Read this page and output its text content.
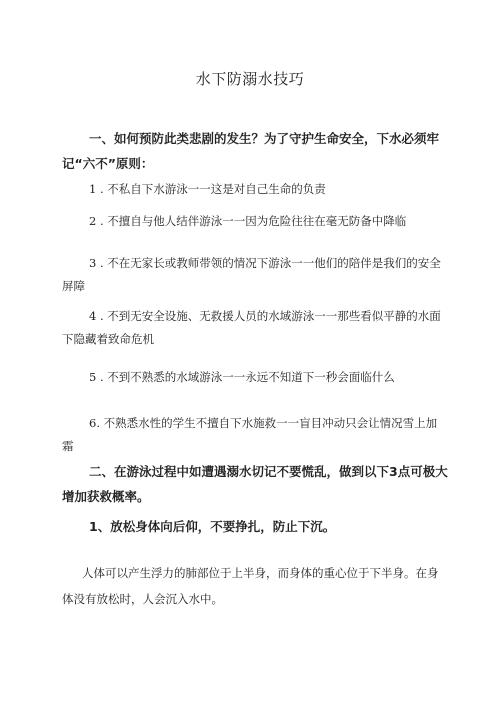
水下防溺水技巧
一、如何预防此类悲剧的发生？为了守护生命安全，下水必须牢记“六不”原则：
1 . 不私自下水游泳一一这是对自己生命的负责
2 . 不擅自与他人结伴游泳一一因为危险往往在毫无防备中降临
3 . 不在无家长或教师带领的情况下游泳一一他们的陪伴是我们的安全屏障
4 . 不到无安全设施、无救援人员的水域游泳一一那些看似平静的水面下隐藏着致命危机
5 . 不到不熟悉的水域游泳一一永远不知道下一秒会面临什么
6. 不熟悉水性的学生不擅自下水施救一一盲目冲动只会让情况雪上加霜
二、在游泳过程中如遭遇溺水切记不要慌乱，做到以下3点可极大增加获救概率。
1、放松身体向后仰，不要挣扎，防止下沉。
人体可以产生浮力的肺部位于上半身，而身体的重心位于下半身。在身体没有放松时，人会沉入水中。
